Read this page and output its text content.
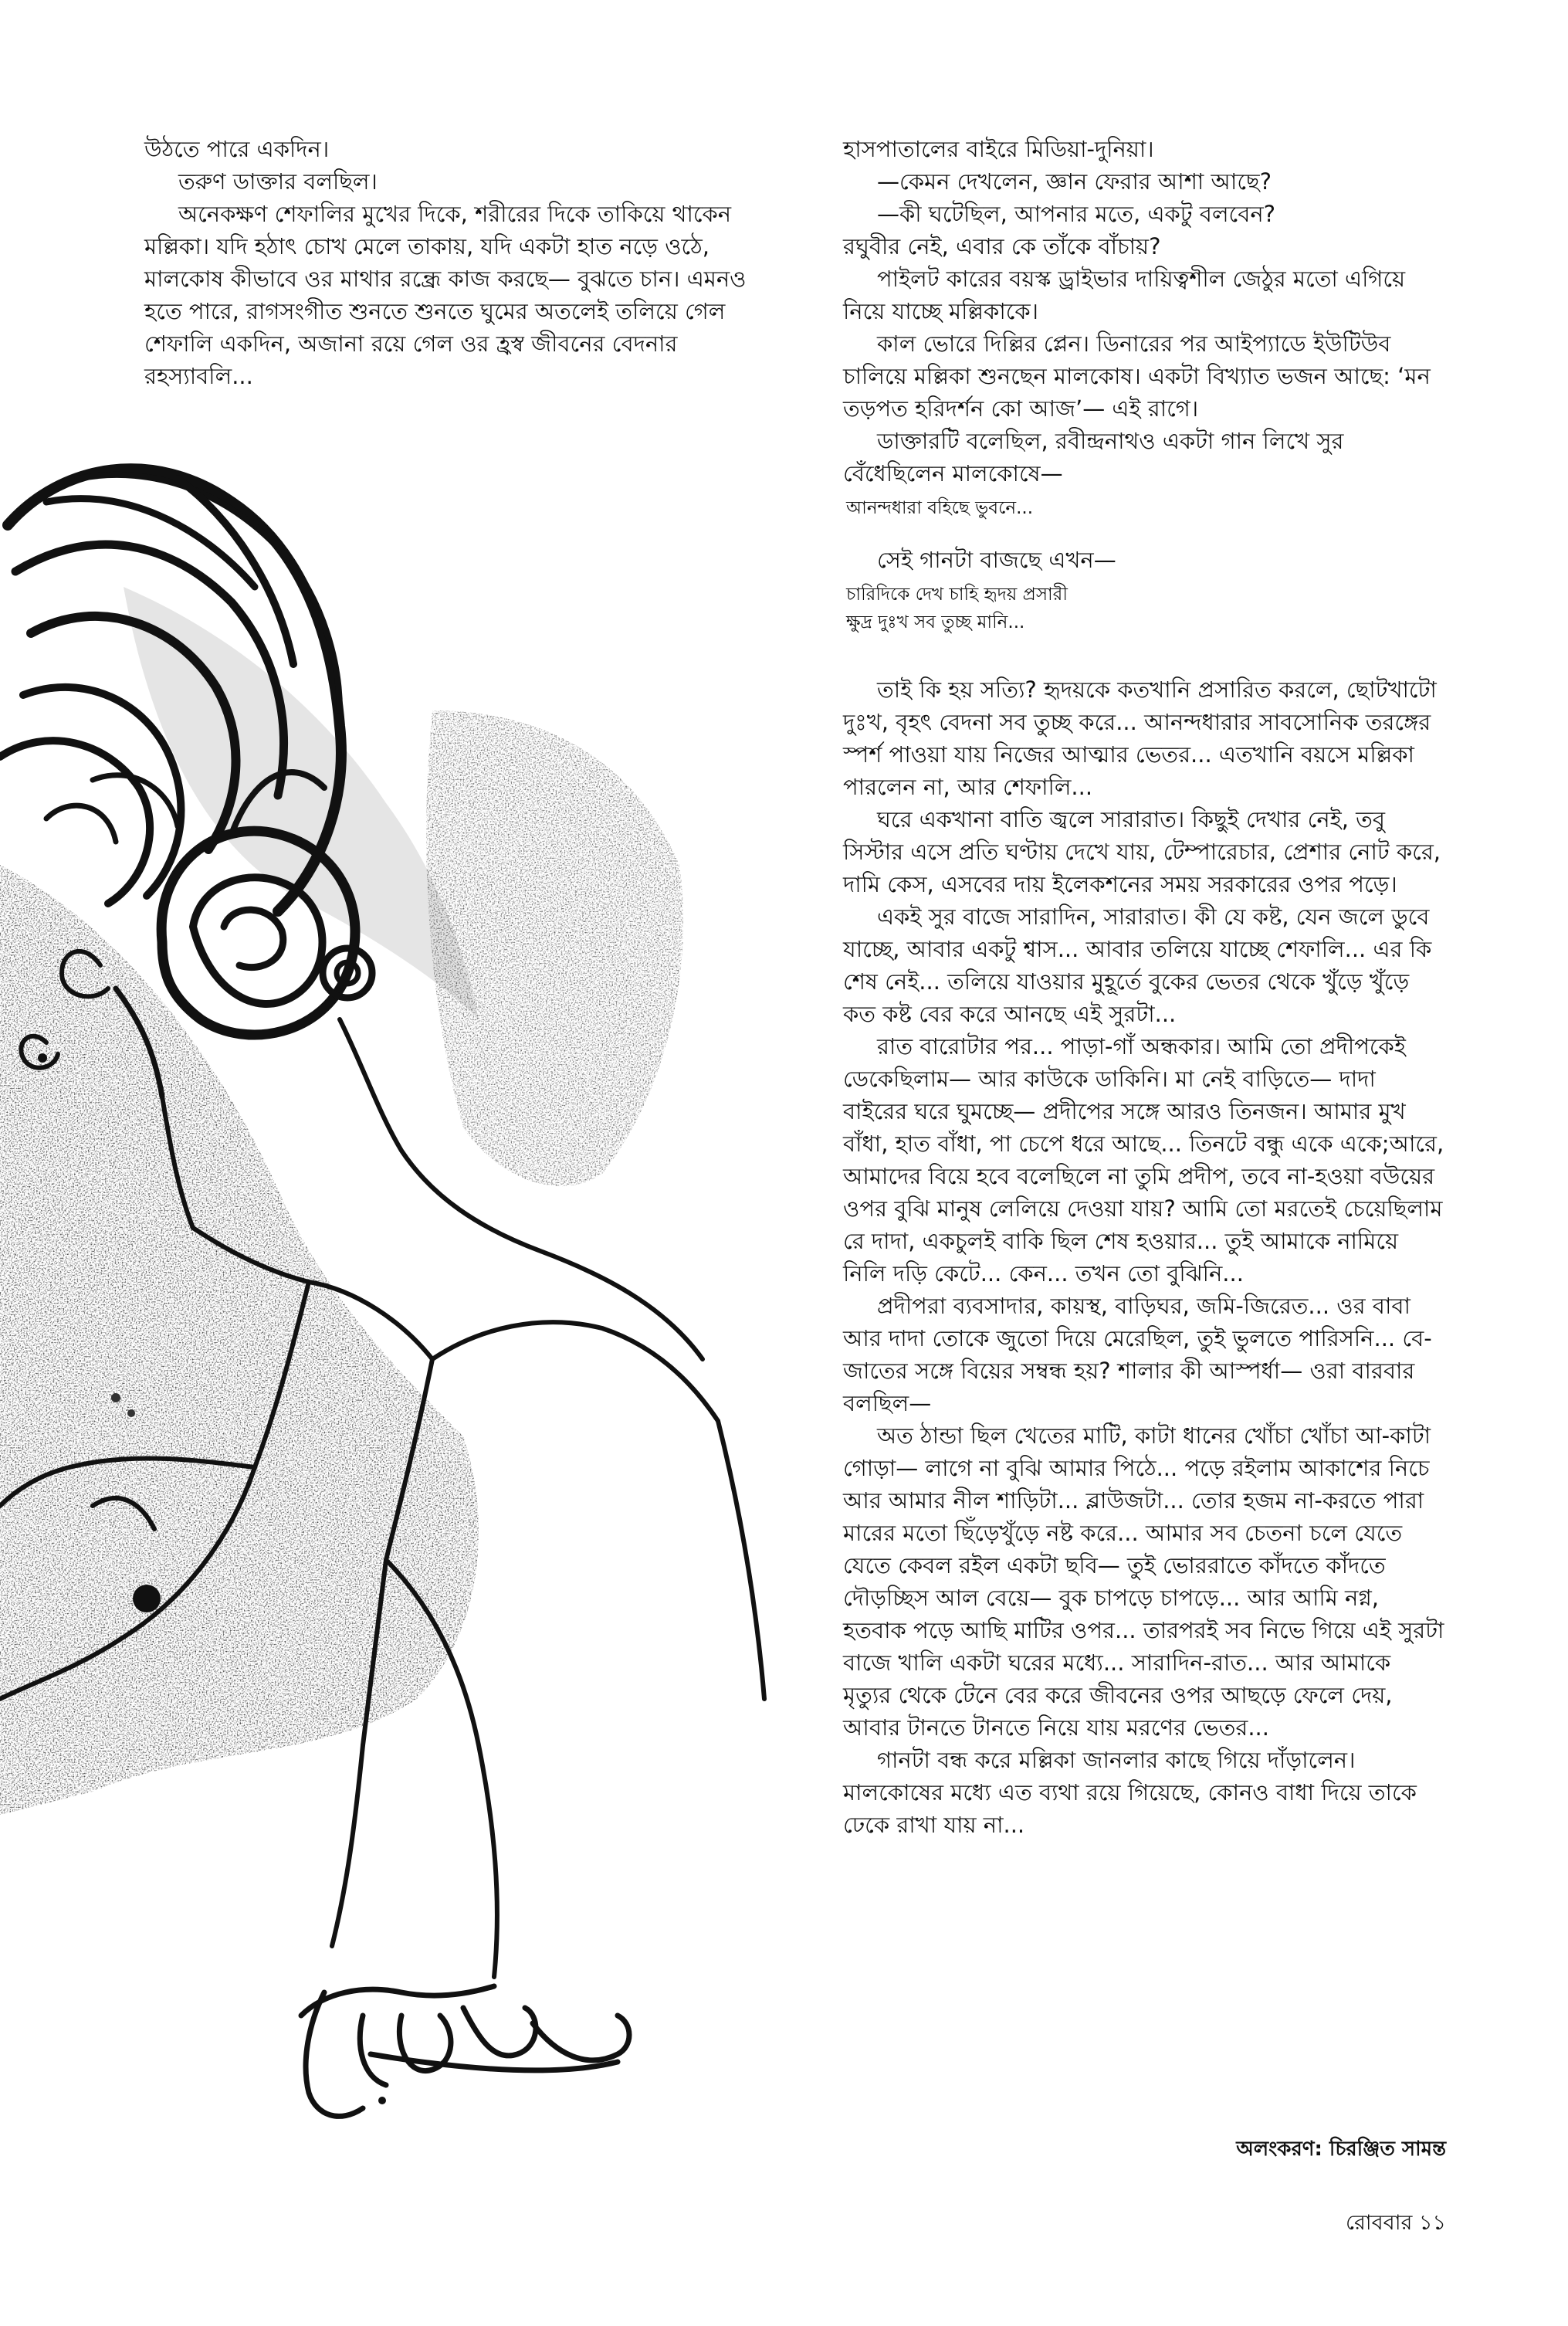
উঠতে পারে একদিন।

তরুণ ডাক্তার বলছিল।

অনেকক্ষণ শেফালির মুখের দিকে, শরীরের দিকে তাকিয়ে থাকেন মল্লিকা। যদি হঠাৎ চোখ মেলে তাকায়, যদি একটা হাত নড়ে ওঠে, মালকোষ কীভাবে ওর মাথার রন্ধ্রে কাজ করছে— বুঝতে চান। এমনও হতে পারে, রাগসংগীত শুনতে শুনতে ঘুমের অতলেই তলিয়ে গেল শেফালি একদিন, অজানা রয়ে গেল ওর হ্রস্ব জীবনের বেদনার রহস্যাবলি...

হাসপাতালের বাইরে মিডিয়া-দুনিয়া।

—কেমন দেখলেন, জ্ঞান ফেরার আশা আছে?

—কী ঘটেছিল, আপনার মতে, একটু বলবেন?

রঘুবীর নেই, এবার কে তাঁকে বাঁচায়?

পাইলট কারের বয়স্ক ড্রাইভার দায়িত্বশীল জেঠুর মতো এগিয়ে নিয়ে যাচ্ছে মল্লিকাকে।

কাল ভোরে দিল্লির প্লেন। ডিনারের পর আইপ্যাডে ইউটিউব চালিয়ে মল্লিকা শুনছেন মালকোষ। একটা বিখ্যাত ভজন আছে: ‘মন তড়পত হরিদর্শন কো আজ’— এই রাগে।

ডাক্তারটি বলেছিল, রবীন্দ্রনাথও একটা গান লিখে সুর বেঁধেছিলেন মালকোষে—

আনন্দধারা বহিছে ভুবনে...

সেই গানটা বাজছে এখন—

চারিদিকে দেখ চাহি হৃদয় প্রসারী
ক্ষুদ্র দুঃখ সব তুচ্ছ মানি...

তাই কি হয় সত্যি? হৃদয়কে কতখানি প্রসারিত করলে, ছোটখাটো দুঃখ, বৃহৎ বেদনা সব তুচ্ছ করে... আনন্দধারার সাবসোনিক তরঙ্গের স্পর্শ পাওয়া যায় নিজের আত্মার ভেতর... এতখানি বয়সে মল্লিকা পারলেন না, আর শেফালি...

ঘরে একখানা বাতি জ্বলে সারারাত। কিছুই দেখার নেই, তবু সিস্টার এসে প্রতি ঘণ্টায় দেখে যায়, টেম্পারেচার, প্রেশার নোট করে, দামি কেস, এসবের দায় ইলেকশনের সময় সরকারের ওপর পড়ে।

একই সুর বাজে সারাদিন, সারারাত। কী যে কষ্ট, যেন জলে ডুবে যাচ্ছে, আবার একটু শ্বাস... আবার তলিয়ে যাচ্ছে শেফালি... এর কি শেষ নেই... তলিয়ে যাওয়ার মুহূর্তে বুকের ভেতর থেকে খুঁড়ে খুঁড়ে কত কষ্ট বের করে আনছে এই সুরটা...

রাত বারোটার পর... পাড়া-গাঁ অন্ধকার। আমি তো প্রদীপকেই ডেকেছিলাম— আর কাউকে ডাকিনি। মা নেই বাড়িতে— দাদা বাইরের ঘরে ঘুমচ্ছে— প্রদীপের সঙ্গে আরও তিনজন। আমার মুখ বাঁধা, হাত বাঁধা, পা চেপে ধরে আছে... তিনটে বন্ধু একে একে;আরে, আমাদের বিয়ে হবে বলেছিলে না তুমি প্রদীপ, তবে না-হওয়া বউয়ের ওপর বুঝি মানুষ লেলিয়ে দেওয়া যায়? আমি তো মরতেই চেয়েছিলাম রে দাদা, একচুলই বাকি ছিল শেষ হওয়ার... তুই আমাকে নামিয়ে নিলি দড়ি কেটে... কেন... তখন তো বুঝিনি...

প্রদীপরা ব্যবসাদার, কায়স্থ, বাড়িঘর, জমি-জিরেত... ওর বাবা আর দাদা তোকে জুতো দিয়ে মেরেছিল, তুই ভুলতে পারিসনি... বে-জাতের সঙ্গে বিয়ের সম্বন্ধ হয়? শালার কী আস্পর্ধা— ওরা বারবার বলছিল—

অত ঠান্ডা ছিল খেতের মাটি, কাটা ধানের খোঁচা খোঁচা আ-কাটা গোড়া— লাগে না বুঝি আমার পিঠে... পড়ে রইলাম আকাশের নিচে আর আমার নীল শাড়িটা... ব্লাউজটা... তোর হজম না-করতে পারা মারের মতো ছিঁড়েখুঁড়ে নষ্ট করে... আমার সব চেতনা চলে যেতে যেতে কেবল রইল একটা ছবি— তুই ভোররাতে কাঁদতে কাঁদতে দৌড়চ্ছিস আল বেয়ে— বুক চাপড়ে চাপড়ে... আর আমি নগ্ন, হতবাক পড়ে আছি মাটির ওপর... তারপরই সব নিভে গিয়ে এই সুরটা বাজে খালি একটা ঘরের মধ্যে... সারাদিন-রাত... আর আমাকে মৃত্যুর থেকে টেনে বের করে জীবনের ওপর আছড়ে ফেলে দেয়, আবার টানতে টানতে নিয়ে যায় মরণের ভেতর...

গানটা বন্ধ করে মল্লিকা জানলার কাছে গিয়ে দাঁড়ালেন। মালকোষের মধ্যে এত ব্যথা রয়ে গিয়েছে, কোনও বাধা দিয়ে তাকে ঢেকে রাখা যায় না...

অলংকরণ: চিরঞ্জিত সামন্ত
রোববার ১১
